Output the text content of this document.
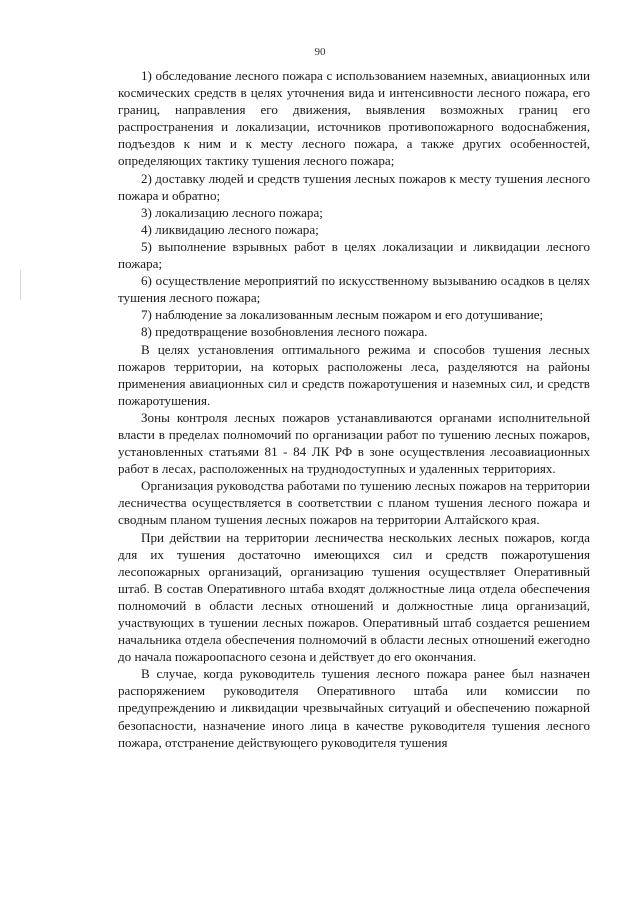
90

1) обследование лесного пожара с использованием наземных, авиационных или космических средств в целях уточнения вида и интенсивности лесного пожара, его границ, направления его движения, выявления возможных границ его распространения и локализации, источников противопожарного водоснабжения, подъездов к ним и к месту лесного пожара, а также других особенностей, определяющих тактику тушения лесного пожара;

2) доставку людей и средств тушения лесных пожаров к месту тушения лесного пожара и обратно;

3) локализацию лесного пожара;

4) ликвидацию лесного пожара;

5) выполнение взрывных работ в целях локализации и ликвидации лесного пожара;

6) осуществление мероприятий по искусственному вызыванию осадков в целях тушения лесного пожара;

7) наблюдение за локализованным лесным пожаром и его дотушивание;

8) предотвращение возобновления лесного пожара.

В целях установления оптимального режима и способов тушения лесных пожаров территории, на которых расположены леса, разделяются на районы применения авиационных сил и средств пожаротушения и наземных сил, и средств пожаротушения.

Зоны контроля лесных пожаров устанавливаются органами исполнительной власти в пределах полномочий по организации работ по тушению лесных пожаров, установленных статьями 81 - 84 ЛК РФ в зоне осуществления лесоавиационных работ в лесах, расположенных на труднодоступных и удаленных территориях.

Организация руководства работами по тушению лесных пожаров на территории лесничества осуществляется в соответствии с планом тушения лесного пожара и сводным планом тушения лесных пожаров на территории Алтайского края.

При действии на территории лесничества нескольких лесных пожаров, когда для их тушения достаточно имеющихся сил и средств пожаротушения лесопожарных организаций, организацию тушения осуществляет Оперативный штаб. В состав Оперативного штаба входят должностные лица отдела обеспечения полномочий в области лесных отношений и должностные лица организаций, участвующих в тушении лесных пожаров. Оперативный штаб создается решением начальника отдела обеспечения полномочий в области лесных отношений ежегодно до начала пожароопасного сезона и действует до его окончания.

В случае, когда руководитель тушения лесного пожара ранее был назначен распоряжением руководителя Оперативного штаба или комиссии по предупреждению и ликвидации чрезвычайных ситуаций и обеспечению пожарной безопасности, назначение иного лица в качестве руководителя тушения лесного пожара, отстранение действующего руководителя тушения
